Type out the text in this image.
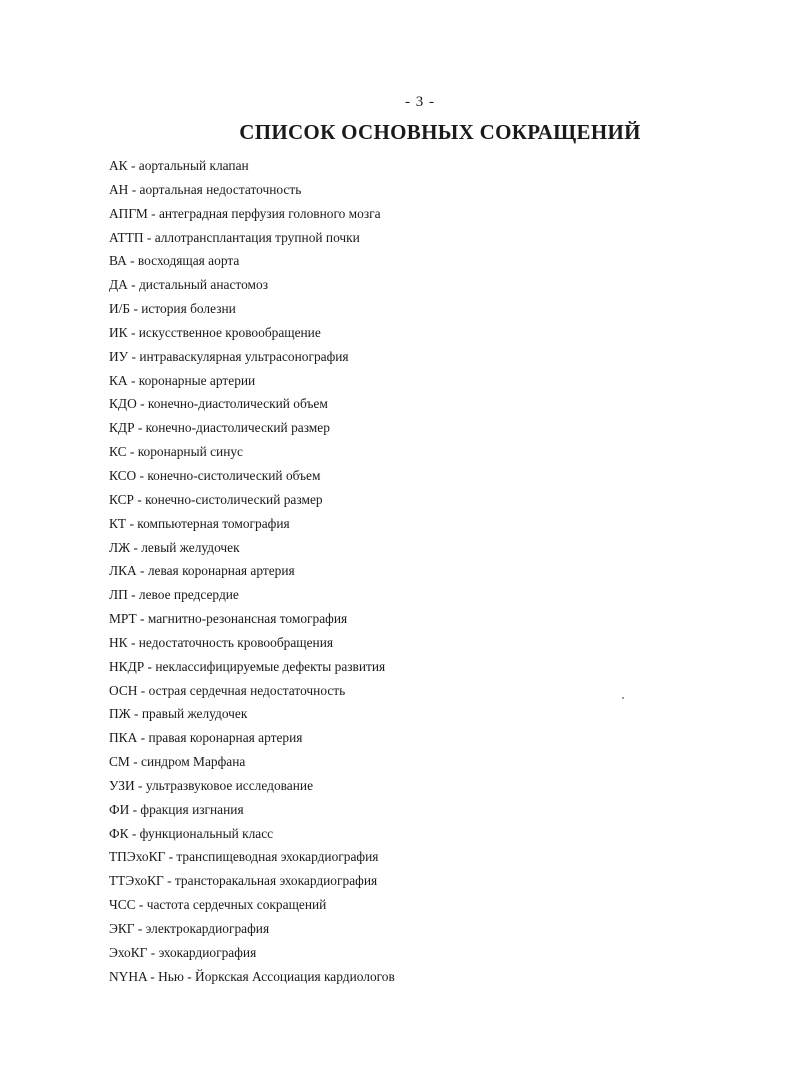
- 3 -
СПИСОК ОСНОВНЫХ СОКРАЩЕНИЙ
АК - аортальный клапан
АН - аортальная недостаточность
АПГМ - антеградная перфузия головного мозга
АТТП - аллотрансплантация трупной почки
ВА - восходящая аорта
ДА - дистальный анастомоз
И/Б - история болезни
ИК - искусственное кровообращение
ИУ - интраваскулярная ультрасонография
КА - коронарные артерии
КДО - конечно-диастолический объем
КДР - конечно-диастолический размер
КС - коронарный синус
КСО - конечно-систолический объем
КСР - конечно-систолический размер
КТ - компьютерная томография
ЛЖ - левый желудочек
ЛКА - левая коронарная артерия
ЛП - левое предсердие
МРТ - магнитно-резонансная томография
НК - недостаточность кровообращения
НКДР - неклассифицируемые дефекты развития
ОСН - острая сердечная недостаточность
ПЖ - правый желудочек
ПКА - правая коронарная артерия
СМ - синдром Марфана
УЗИ - ультразвуковое исследование
ФИ - фракция изгнания
ФК - функциональный класс
ТПЭхоКГ - транспищеводная эхокардиография
ТТЭхоКГ - трансторакальная эхокардиография
ЧСС - частота сердечных сокращений
ЭКГ - электрокардиография
ЭхоКГ - эхокардиография
NYHA - Нью - Йоркская Ассоциация кардиологов
